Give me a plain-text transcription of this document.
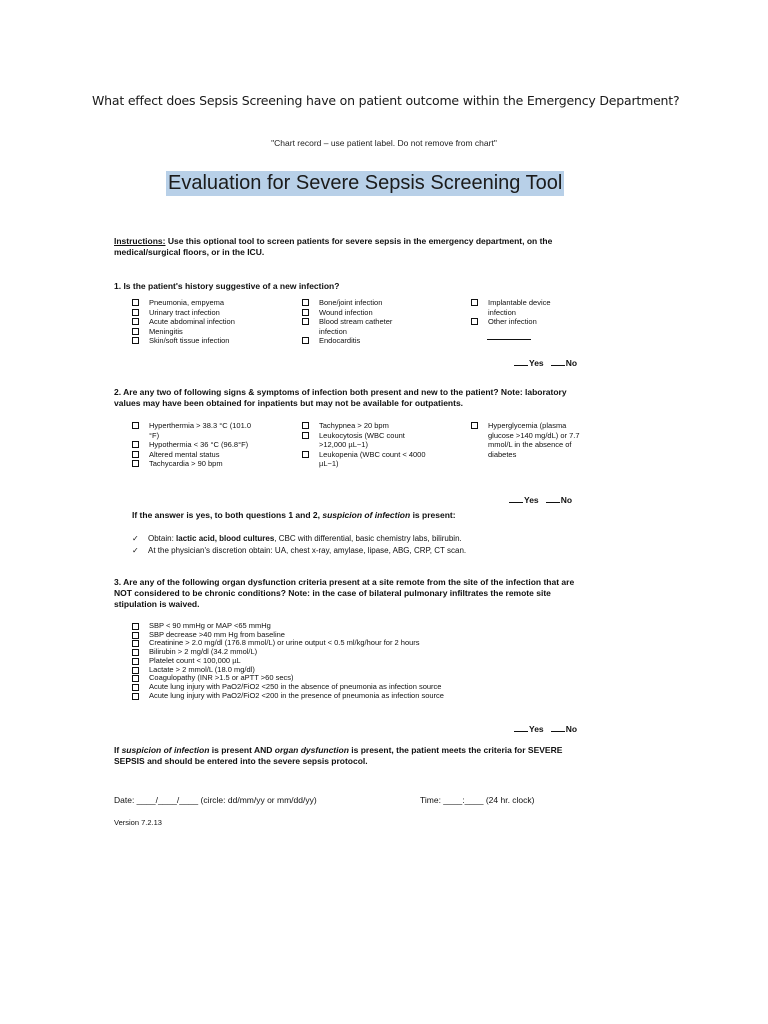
What effect does Sepsis Screening have on patient outcome within the Emergency Department?
"Chart record – use patient label. Do not remove from chart"
Evaluation for Severe Sepsis Screening Tool
Instructions: Use this optional tool to screen patients for severe sepsis in the emergency department, on the medical/surgical floors, or in the ICU.
1. Is the patient's history suggestive of a new infection?
Pneumonia, empyema
Urinary tract infection
Acute abdominal infection
Meningitis
Skin/soft tissue infection
Bone/joint infection
Wound infection
Blood stream catheter infection
Endocarditis
Implantable device infection
Other infection
Yes	No
2. Are any two of following signs & symptoms of infection both present and new to the patient? Note: laboratory values may have been obtained for inpatients but may not be available for outpatients.
Hyperthermia > 38.3 °C (101.0 °F)
Hypothermia < 36 °C (96.8°F)
Altered mental status
Tachycardia > 90 bpm
Tachypnea > 20 bpm
Leukocytosis (WBC count >12,000 µL−1)
Leukopenia (WBC count < 4000 µL−1)
Hyperglycemia (plasma glucose >140 mg/dL) or 7.7 mmol/L in the absence of diabetes
Yes	No
If the answer is yes, to both questions 1 and 2, suspicion of infection is present:
✓	Obtain: lactic acid, blood cultures, CBC with differential, basic chemistry labs, bilirubin.
✓	At the physician's discretion obtain: UA, chest x-ray, amylase, lipase, ABG, CRP, CT scan.
3. Are any of the following organ dysfunction criteria present at a site remote from the site of the infection that are NOT considered to be chronic conditions? Note: in the case of bilateral pulmonary infiltrates the remote site stipulation is waived.
SBP < 90 mmHg or MAP <65 mmHg
SBP decrease >40 mm Hg from baseline
Creatinine > 2.0 mg/dl (176.8 mmol/L) or urine output < 0.5 ml/kg/hour for 2 hours
Bilirubin > 2 mg/dl (34.2 mmol/L)
Platelet count < 100,000 µL
Lactate > 2 mmol/L (18.0 mg/dl)
Coagulopathy (INR >1.5 or aPTT >60 secs)
Acute lung injury with PaO2/FiO2 <250 in the absence of pneumonia as infection source
Acute lung injury with PaO2/FiO2 <200 in the presence of pneumonia as infection source
Yes	No
If suspicion of infection is present AND organ dysfunction is present, the patient meets the criteria for SEVERE SEPSIS and should be entered into the severe sepsis protocol.
Date: ____/____/____ (circle: dd/mm/yy or mm/dd/yy)	Time: ____:____ (24 hr. clock)
Version 7.2.13
